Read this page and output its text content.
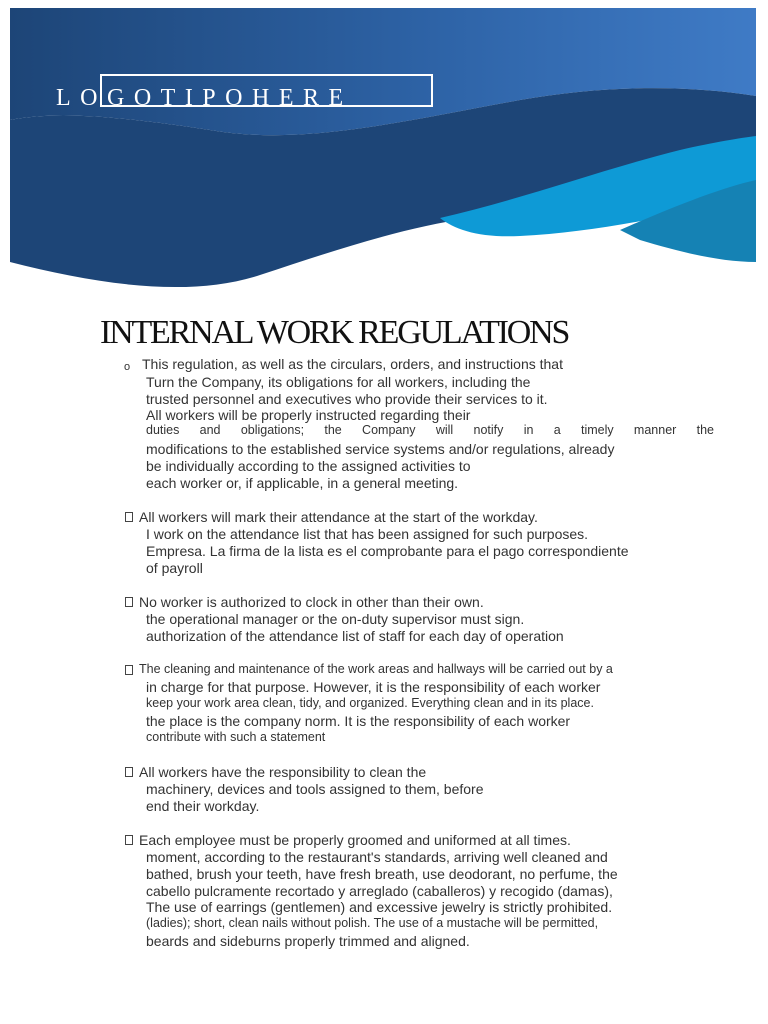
LOGOTIPOHERE
INTERNAL WORK REGULATIONS
o This regulation, as well as the circulars, orders, and instructions that
Turn the Company, its obligations for all workers, including the
trusted personnel and executives who provide their services to it.
All workers will be properly instructed regarding their
duties and obligations; the Company will notify in a timely manner the
modifications to the established service systems and/or regulations, already
be individually according to the assigned activities to
each worker or, if applicable, in a general meeting.
All workers will mark their attendance at the start of the workday.
I work on the attendance list that has been assigned for such purposes.
Empresa. La firma de la lista es el comprobante para el pago correspondiente
of payroll
No worker is authorized to clock in other than their own.
the operational manager or the on-duty supervisor must sign.
authorization of the attendance list of staff for each day of operation
The cleaning and maintenance of the work areas and hallways will be carried out by a
in charge for that purpose. However, it is the responsibility of each worker
keep your work area clean, tidy, and organized. Everything clean and in its place.
the place is the company norm. It is the responsibility of each worker
contribute with such a statement
All workers have the responsibility to clean the
machinery, devices and tools assigned to them, before
end their workday.
Each employee must be properly groomed and uniformed at all times.
moment, according to the restaurant's standards, arriving well cleaned and
bathed, brush your teeth, have fresh breath, use deodorant, no perfume, the
cabello pulcramente recortado y arreglado (caballeros) y recogido (damas),
The use of earrings (gentlemen) and excessive jewelry is strictly prohibited.
(ladies); short, clean nails without polish. The use of a mustache will be permitted,
beards and sideburns properly trimmed and aligned.
